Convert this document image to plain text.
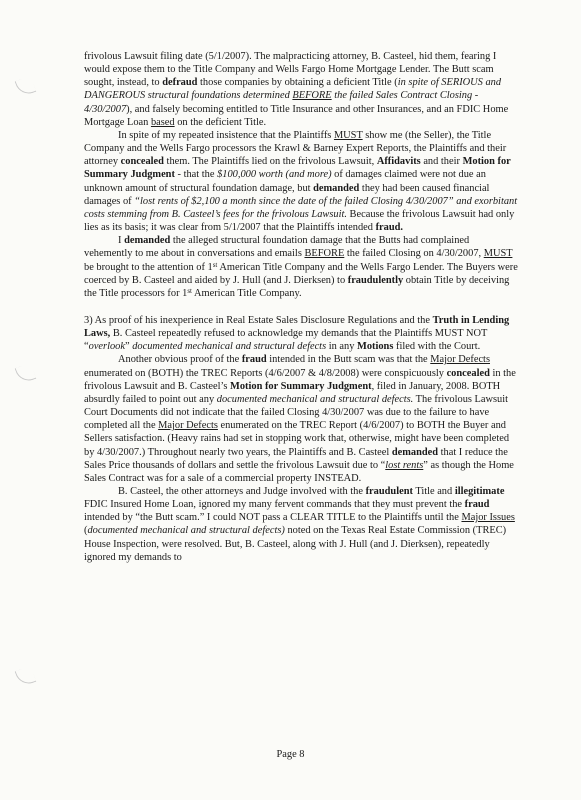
frivolous Lawsuit filing date (5/1/2007). The malpracticing attorney, B. Casteel, hid them, fearing I would expose them to the Title Company and Wells Fargo Home Mortgage Lender. The Butt scam sought, instead, to defraud those companies by obtaining a deficient Title (in spite of SERIOUS and DANGEROUS structural foundations determined BEFORE the failed Sales Contract Closing - 4/30/2007), and falsely becoming entitled to Title Insurance and other Insurances, and an FDIC Home Mortgage Loan based on the deficient Title.

In spite of my repeated insistence that the Plaintiffs MUST show me (the Seller), the Title Company and the Wells Fargo processors the Krawl & Barney Expert Reports, the Plaintiffs and their attorney concealed them. The Plaintiffs lied on the frivolous Lawsuit, Affidavits and their Motion for Summary Judgment - that the $100,000 worth (and more) of damages claimed were not due an unknown amount of structural foundation damage, but demanded they had been caused financial damages of “lost rents of $2,100 a month since the date of the failed Closing 4/30/2007” and exorbitant costs stemming from B. Casteel’s fees for the frivolous Lawsuit. Because the frivolous Lawsuit had only lies as its basis; it was clear from 5/1/2007 that the Plaintiffs intended fraud.

I demanded the alleged structural foundation damage that the Butts had complained vehemently to me about in conversations and emails BEFORE the failed Closing on 4/30/2007, MUST be brought to the attention of 1st American Title Company and the Wells Fargo Lender. The Buyers were coerced by B. Casteel and aided by J. Hull (and J. Dierksen) to fraudulently obtain Title by deceiving the Title processors for 1st American Title Company.

3) As proof of his inexperience in Real Estate Sales Disclosure Regulations and the Truth in Lending Laws, B. Casteel repeatedly refused to acknowledge my demands that the Plaintiffs MUST NOT “overlook” documented mechanical and structural defects in any Motions filed with the Court.

Another obvious proof of the fraud intended in the Butt scam was that the Major Defects enumerated on (BOTH) the TREC Reports (4/6/2007 & 4/8/2008) were conspicuously concealed in the frivolous Lawsuit and B. Casteel’s Motion for Summary Judgment, filed in January, 2008. BOTH absurdly failed to point out any documented mechanical and structural defects. The frivolous Lawsuit Court Documents did not indicate that the failed Closing 4/30/2007 was due to the failure to have completed all the Major Defects enumerated on the TREC Report (4/6/2007) to BOTH the Buyer and Sellers satisfaction. (Heavy rains had set in stopping work that, otherwise, might have been completed by 4/30/2007.) Throughout nearly two years, the Plaintiffs and B. Casteel demanded that I reduce the Sales Price thousands of dollars and settle the frivolous Lawsuit due to “lost rents” as though the Home Sales Contract was for a sale of a commercial property INSTEAD.

B. Casteel, the other attorneys and Judge involved with the fraudulent Title and illegitimate FDIC Insured Home Loan, ignored my many fervent commands that they must prevent the fraud intended by “the Butt scam.” I could NOT pass a CLEAR TITLE to the Plaintiffs until the Major Issues (documented mechanical and structural defects) noted on the Texas Real Estate Commission (TREC) House Inspection, were resolved. But, B. Casteel, along with J. Hull (and J. Dierksen), repeatedly ignored my demands to

Page 8
